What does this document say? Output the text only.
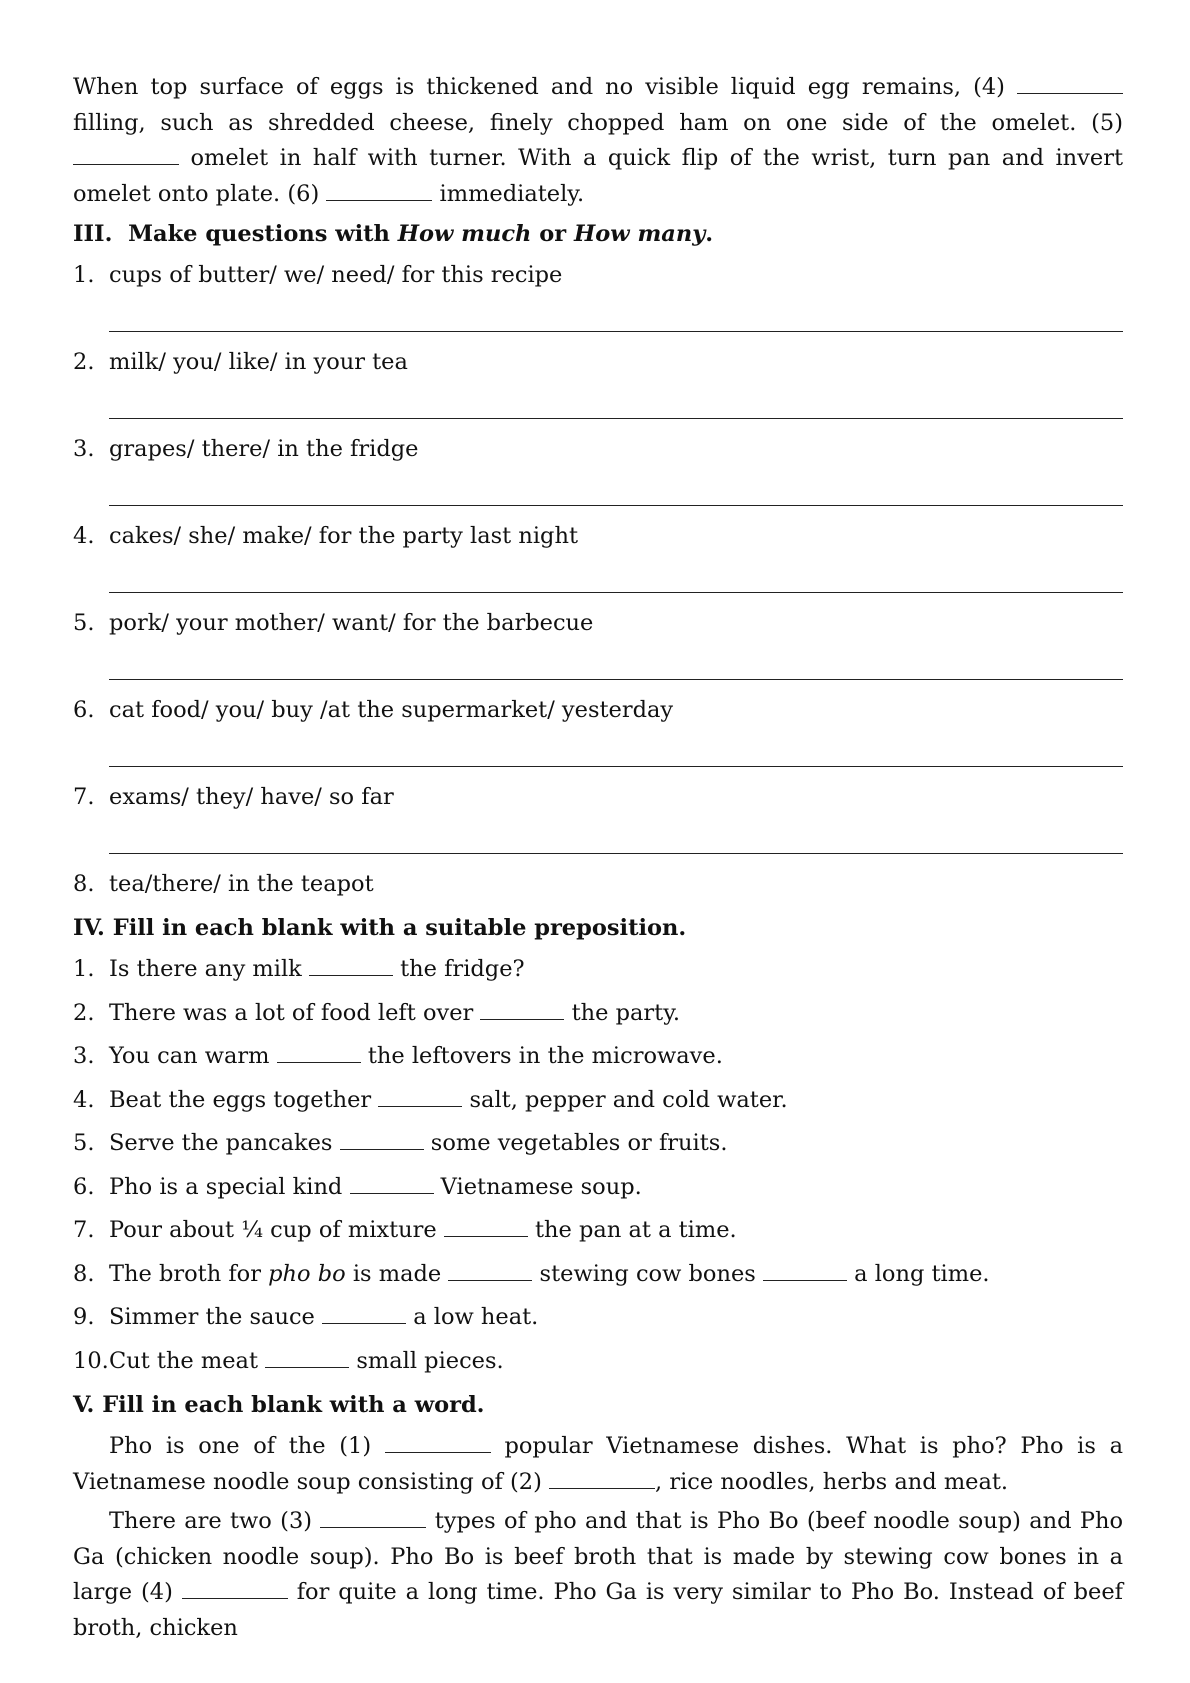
When top surface of eggs is thickened and no visible liquid egg remains, (4)  filling, such as shredded cheese, finely chopped ham on one side of the omelet. (5)  omelet in half with turner. With a quick flip of the wrist, turn pan and invert omelet onto plate. (6)	immediately.

III. Make questions with How much or How many.

1. cups of butter/ we/ need/ for this recipe
2. milk/ you/ like/ in your tea
3. grapes/ there/ in the fridge
4. cakes/ she/ make/ for the party last night
5. pork/ your mother/ want/ for the barbecue
6. cat food/ you/ buy /at the supermarket/ yesterday
7. exams/ they/ have/ so far
8. tea/there/ in the teapot

IV. Fill in each blank with a suitable preposition.

1. Is there any milk	the fridge?
2. There was a lot of food left over	the party.
3. You can warm	the leftovers in the microwave.
4. Beat the eggs together	salt, pepper and cold water.
5. Serve the pancakes	some vegetables or fruits.
6. Pho is a special kind	Vietnamese soup.
7. Pour about ¼ cup of mixture	the pan at a time.
8. The broth for pho bo is made	stewing cow bones	a long time.
9. Simmer the sauce	a low heat.
10. Cut the meat	small pieces.

V. Fill in each blank with a word.

Pho is one of the (1)	popular Vietnamese dishes. What is pho? Pho is a Vietnamese noodle soup consisting of (2)	, rice noodles, herbs and meat.

There are two (3)	types of pho and that is Pho Bo (beef noodle soup) and Pho Ga (chicken noodle soup). Pho Bo is beef broth that is made by stewing cow bones in a large (4)	for quite a long time. Pho Ga is very similar to Pho Bo. Instead of beef broth, chicken
